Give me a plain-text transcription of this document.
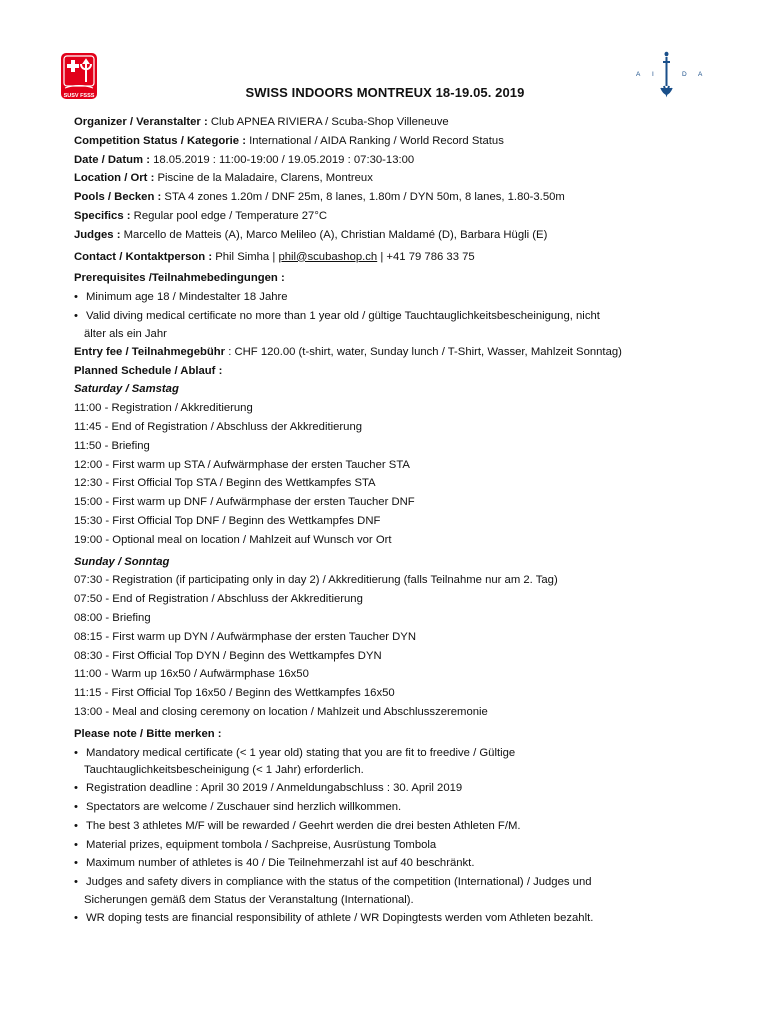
SUSV FSSS
A I	D A
SWISS INDOORS MONTREUX 18-19.05. 2019
Organizer / Veranstalter : Club APNEA RIVIERA / Scuba-Shop Villeneuve
Competition Status / Kategorie : International / AIDA Ranking / World Record Status
Date / Datum : 18.05.2019 : 11:00-19:00 / 19.05.2019 : 07:30-13:00
Location / Ort : Piscine de la Maladaire, Clarens, Montreux
Pools / Becken : STA 4 zones 1.20m / DNF 25m, 8 lanes, 1.80m / DYN 50m, 8 lanes, 1.80-3.50m
Specifics : Regular pool edge / Temperature 27°C
Judges : Marcello de Matteis (A), Marco Melileo (A), Christian Maldamé (D), Barbara Hügli (E)
Contact / Kontaktperson : Phil Simha | phil@scubashop.ch | +41 79 786 33 75
Prerequisites /Teilnahmebedingungen :
• Minimum age 18 / Mindestalter 18 Jahre
• Valid diving medical certificate no more than 1 year old / gültige Tauchtauglichkeitsbescheinigung, nicht
älter als ein Jahr
Entry fee / Teilnahmegebühr : CHF 120.00 (t-shirt, water, Sunday lunch / T-Shirt, Wasser, Mahlzeit Sonntag)
Planned Schedule / Ablauf :
Saturday / Samstag
11:00 - Registration / Akkreditierung
11:45 - End of Registration / Abschluss der Akkreditierung
11:50 - Briefing
12:00 - First warm up STA / Aufwärmphase der ersten Taucher STA
12:30 - First Official Top STA / Beginn des Wettkampfes STA
15:00 - First warm up DNF / Aufwärmphase der ersten Taucher DNF
15:30 - First Official Top DNF / Beginn des Wettkampfes DNF
19:00 - Optional meal on location / Mahlzeit auf Wunsch vor Ort
Sunday / Sonntag
07:30 - Registration (if participating only in day 2) / Akkreditierung (falls Teilnahme nur am 2. Tag)
07:50 - End of Registration / Abschluss der Akkreditierung
08:00 - Briefing
08:15 - First warm up DYN / Aufwärmphase der ersten Taucher DYN
08:30 - First Official Top DYN / Beginn des Wettkampfes DYN
11:00 - Warm up 16x50 / Aufwärmphase 16x50
11:15 - First Official Top 16x50 / Beginn des Wettkampfes 16x50
13:00 - Meal and closing ceremony on location / Mahlzeit und Abschlusszeremonie
Please note / Bitte merken :
• Mandatory medical certificate (< 1 year old) stating that you are fit to freedive / Gültige
Tauchtauglichkeitsbescheinigung (< 1 Jahr) erforderlich.
• Registration deadline : April 30 2019 / Anmeldungabschluss : 30. April 2019
• Spectators are welcome / Zuschauer sind herzlich willkommen.
• The best 3 athletes M/F will be rewarded / Geehrt werden die drei besten Athleten F/M.
• Material prizes, equipment tombola / Sachpreise, Ausrüstung Tombola
• Maximum number of athletes is 40 / Die Teilnehmerzahl ist auf 40 beschränkt.
• Judges and safety divers in compliance with the status of the competition (International) / Judges und
Sicherungen gemäß dem Status der Veranstaltung (International).
• WR doping tests are financial responsibility of athlete / WR Dopingtests werden vom Athleten bezahlt.
